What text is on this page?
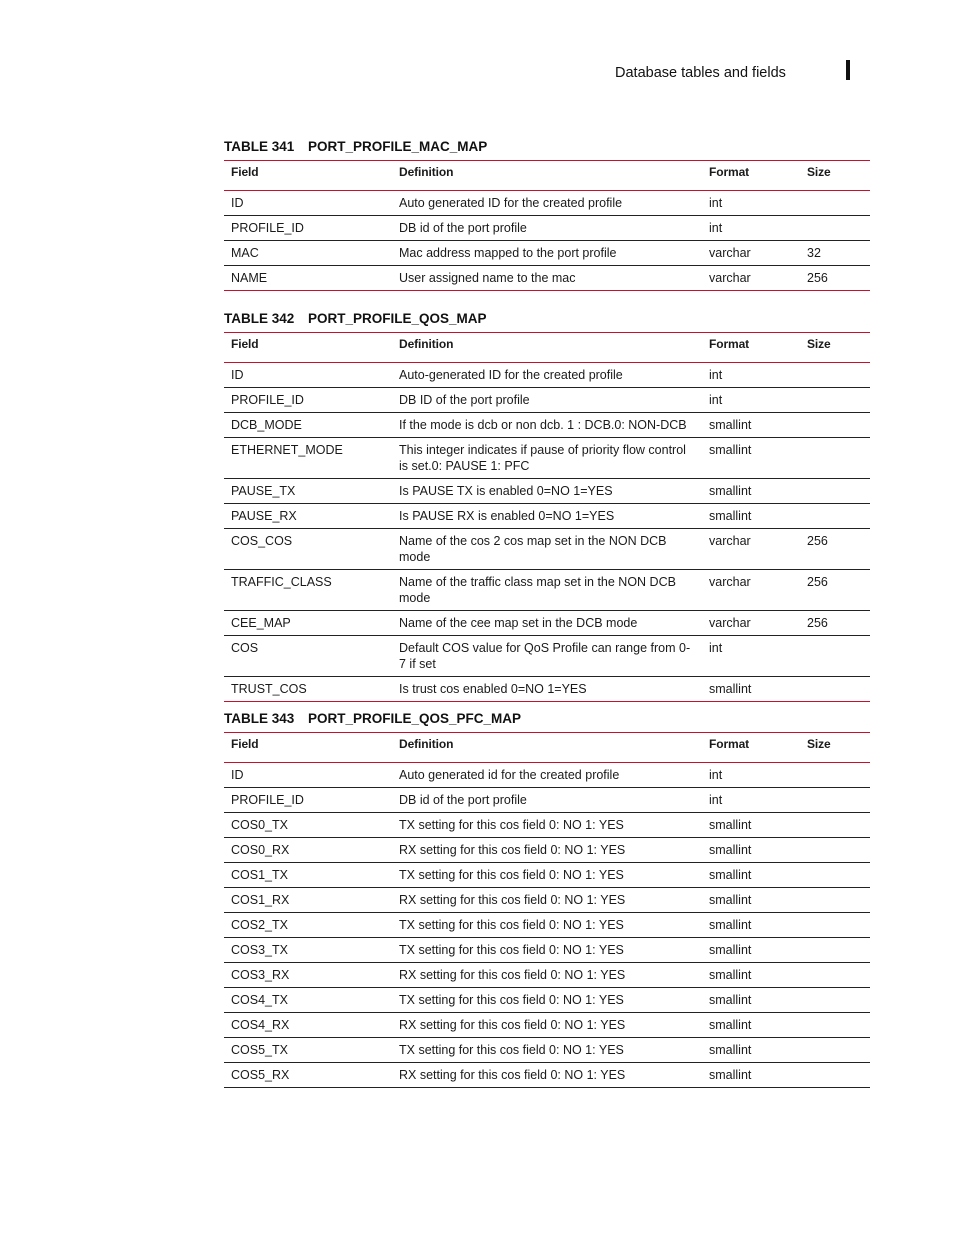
Database tables and fields
TABLE 341 PORT_PROFILE_MAC_MAP
Field	Definition	Format	Size
ID	Auto generated ID for the created profile	int	
PROFILE_ID	DB id of the port profile	int	
MAC	Mac address mapped to the port profile	varchar	32
NAME	User assigned name to the mac	varchar	256
TABLE 342 PORT_PROFILE_QOS_MAP
Field	Definition	Format	Size
ID	Auto-generated ID for the created profile	int	
PROFILE_ID	DB ID of the port profile	int	
DCB_MODE	If the mode is dcb or non dcb. 1 : DCB.0: NON-DCB	smallint	
ETHERNET_MODE	This integer indicates if pause of priority flow control is set.0: PAUSE 1: PFC	smallint	
PAUSE_TX	Is PAUSE TX is enabled 0=NO 1=YES	smallint	
PAUSE_RX	Is PAUSE RX is enabled 0=NO 1=YES	smallint	
COS_COS	Name of the cos 2 cos map set in the NON DCB mode	varchar	256
TRAFFIC_CLASS	Name of the traffic class map set in the NON DCB mode	varchar	256
CEE_MAP	Name of the cee map set in the DCB mode	varchar	256
COS	Default COS value for QoS Profile can range from 0-7 if set	int	
TRUST_COS	Is trust cos enabled 0=NO 1=YES	smallint	
TABLE 343 PORT_PROFILE_QOS_PFC_MAP
Field	Definition	Format	Size
ID	Auto generated id for the created profile	int	
PROFILE_ID	DB id of the port profile	int	
COS0_TX	TX setting for this cos field 0: NO 1: YES	smallint	
COS0_RX	RX setting for this cos field 0: NO 1: YES	smallint	
COS1_TX	TX setting for this cos field 0: NO 1: YES	smallint	
COS1_RX	RX setting for this cos field 0: NO 1: YES	smallint	
COS2_TX	TX setting for this cos field 0: NO 1: YES	smallint	
COS3_TX	TX setting for this cos field 0: NO 1: YES	smallint	
COS3_RX	RX setting for this cos field 0: NO 1: YES	smallint	
COS4_TX	TX setting for this cos field 0: NO 1: YES	smallint	
COS4_RX	RX setting for this cos field 0: NO 1: YES	smallint	
COS5_TX	TX setting for this cos field 0: NO 1: YES	smallint	
COS5_RX	RX setting for this cos field 0: NO 1: YES	smallint	
